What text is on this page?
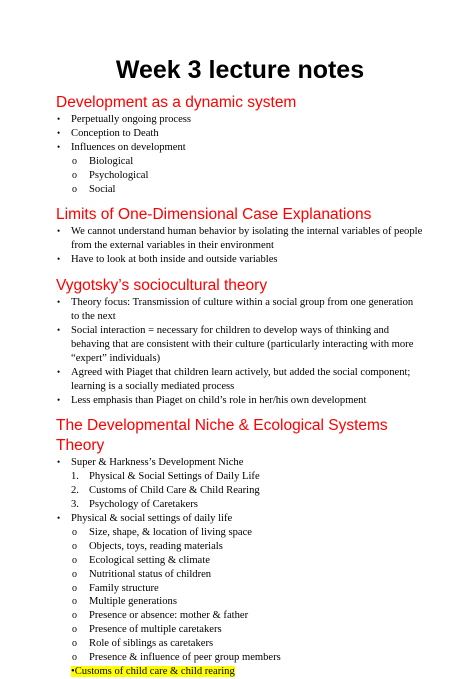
Week 3 lecture notes
Development as a dynamic system
• Perpetually ongoing process
• Conception to Death
• Influences on development
o Biological
o Psychological
o Social
Limits of One-Dimensional Case Explanations
• We cannot understand human behavior by isolating the internal variables of people from the external variables in their environment
• Have to look at both inside and outside variables
Vygotsky’s sociocultural theory
• Theory focus: Transmission of culture within a social group from one generation to the next
• Social interaction = necessary for children to develop ways of thinking and behaving that are consistent with their culture (particularly interacting with more “expert” individuals)
• Agreed with Piaget that children learn actively, but added the social component; learning is a socially mediated process
• Less emphasis than Piaget on child’s role in her/his own development
The Developmental Niche & Ecological Systems Theory
• Super & Harkness’s Development Niche
1. Physical & Social Settings of Daily Life
2. Customs of Child Care & Child Rearing
3. Psychology of Caretakers
• Physical & social settings of daily life
o Size, shape, & location of living space
o Objects, toys, reading materials
o Ecological setting & climate
o Nutritional status of children
o Family structure
o Multiple generations
o Presence or absence: mother & father
o Presence of multiple caretakers
o Role of siblings as caretakers
o Presence & influence of peer group members
•Customs of child care & child rearing
